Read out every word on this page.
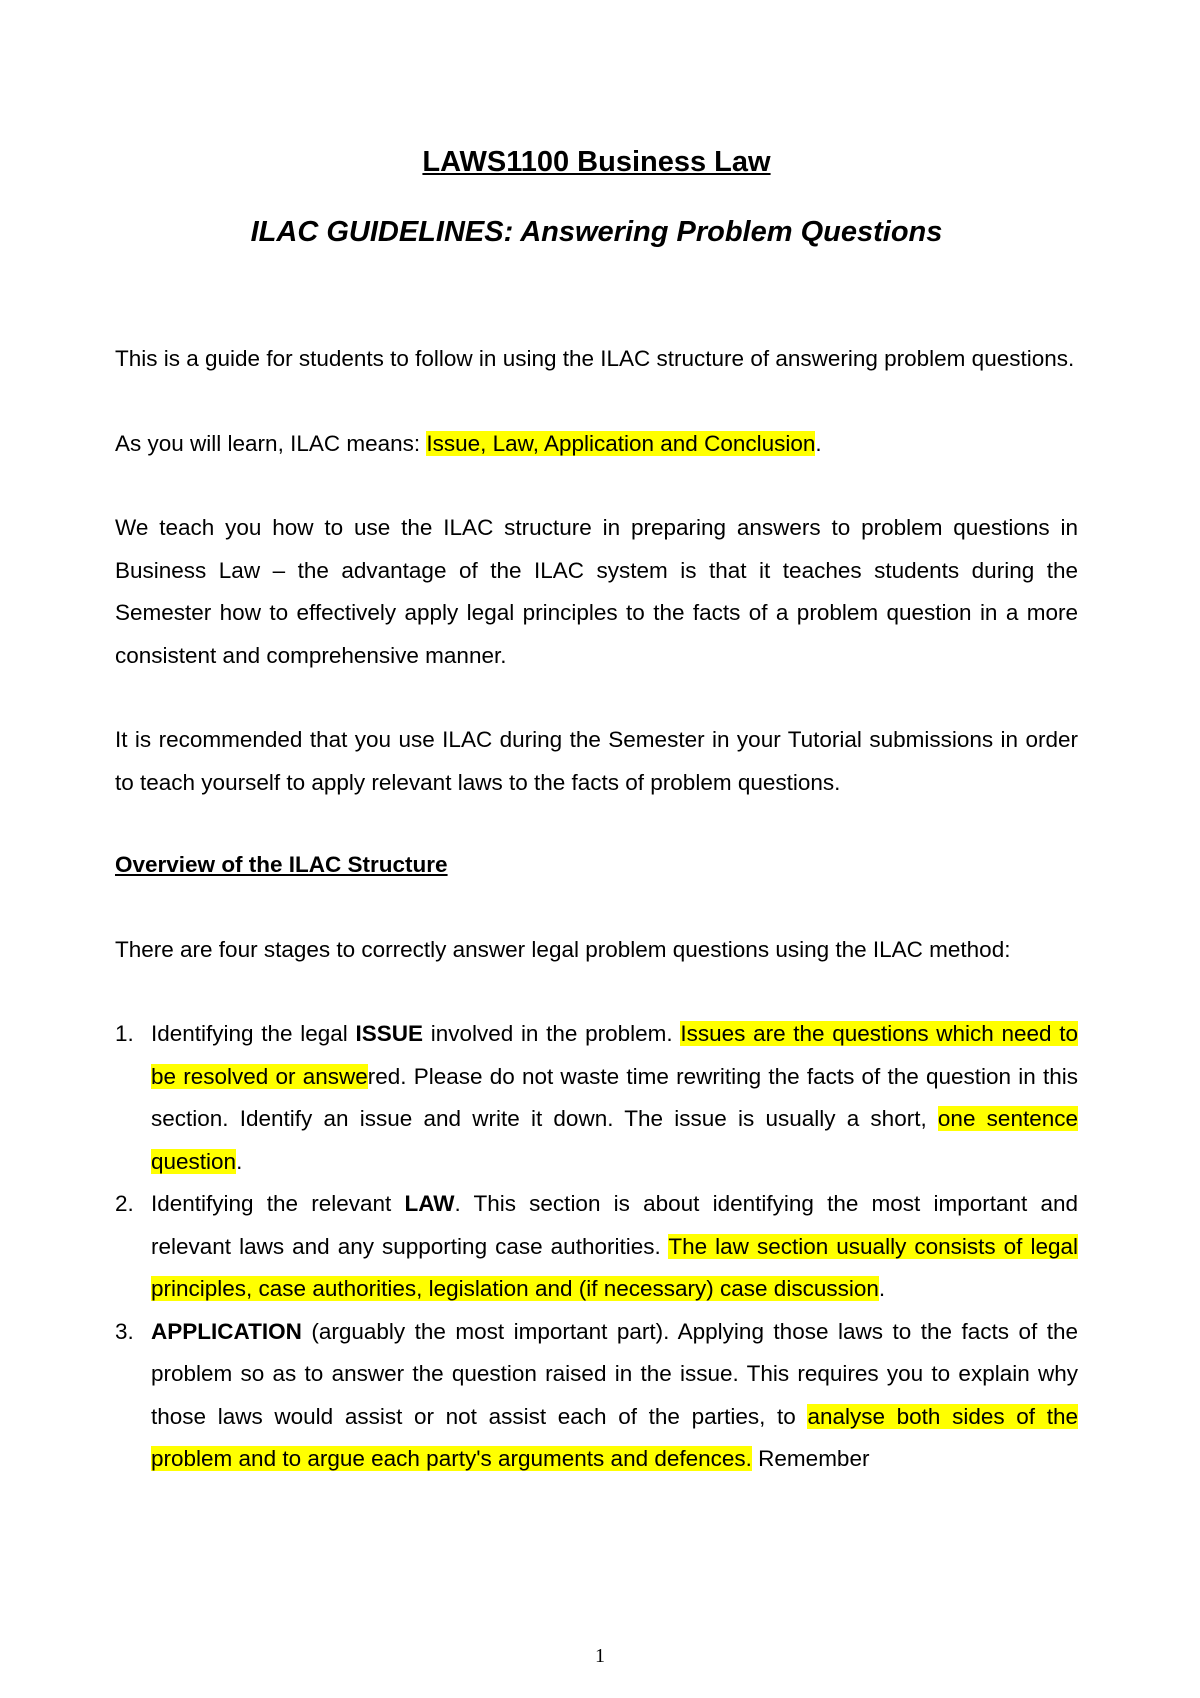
LAWS1100 Business Law
ILAC GUIDELINES: Answering Problem Questions

This is a guide for students to follow in using the ILAC structure of answering problem questions.

As you will learn, ILAC means: Issue, Law, Application and Conclusion.

We teach you how to use the ILAC structure in preparing answers to problem questions in Business Law – the advantage of the ILAC system is that it teaches students during the Semester how to effectively apply legal principles to the facts of a problem question in a more consistent and comprehensive manner.

It is recommended that you use ILAC during the Semester in your Tutorial submissions in order to teach yourself to apply relevant laws to the facts of problem questions.

Overview of the ILAC Structure

There are four stages to correctly answer legal problem questions using the ILAC method:

1. Identifying the legal ISSUE involved in the problem. Issues are the questions which need to be resolved or answered. Please do not waste time rewriting the facts of the question in this section. Identify an issue and write it down. The issue is usually a short, one sentence question.
2. Identifying the relevant LAW. This section is about identifying the most important and relevant laws and any supporting case authorities. The law section usually consists of legal principles, case authorities, legislation and (if necessary) case discussion.
3. APPLICATION (arguably the most important part). Applying those laws to the facts of the problem so as to answer the question raised in the issue. This requires you to explain why those laws would assist or not assist each of the parties, to analyse both sides of the problem and to argue each party's arguments and defences. Remember
1
